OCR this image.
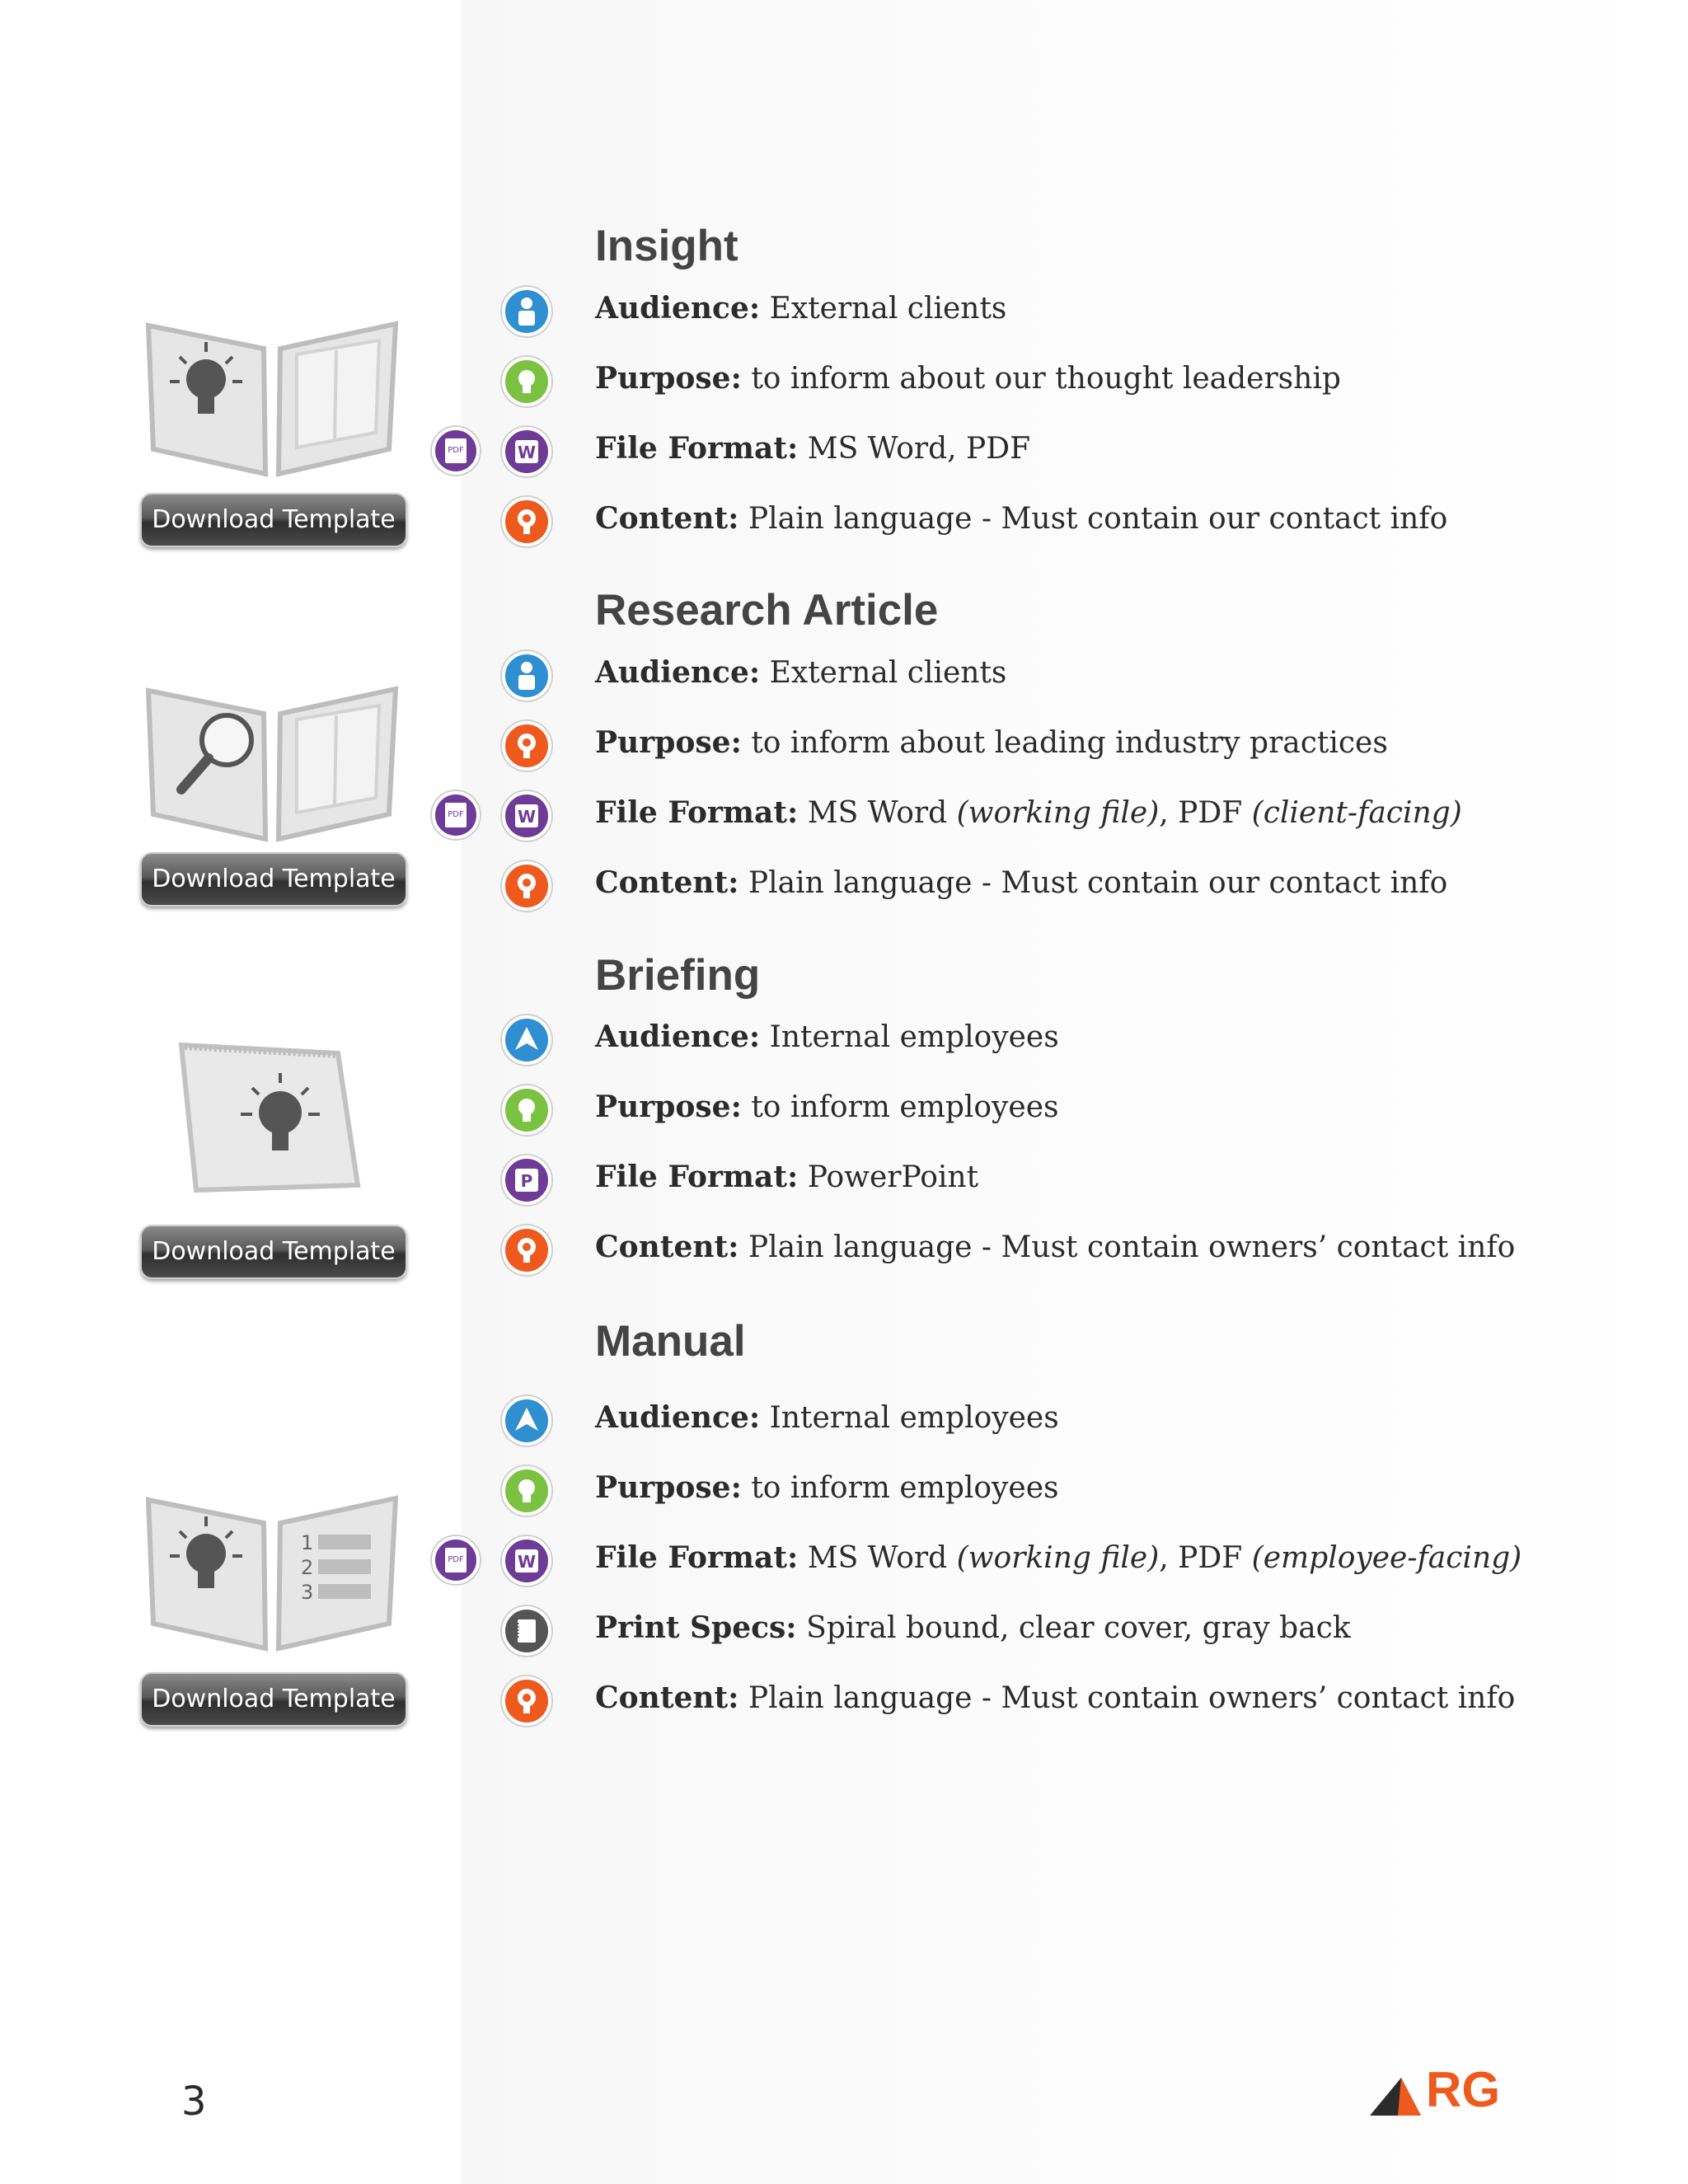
Insight
Download Template
Audience: External clients
Purpose: to inform about our thought leadership
PDF	W File Format: MS Word, PDF
Content: Plain language - Must contain our contact info
Research Article
Download Template
Audience: External clients
Purpose: to inform about leading industry practices
PDF	W File Format: MS Word (working file), PDF (client-facing)
Content: Plain language - Must contain our contact info
Briefing
Download Template
Audience: Internal employees
Purpose: to inform employees
P File Format: PowerPoint
Content: Plain language - Must contain owners’ contact info
Manual
1
2
3
Download Template
Audience: Internal employees
Purpose: to inform employees
PDF	W File Format: MS Word (working file), PDF (employee-facing)
Print Specs: Spiral bound, clear cover, gray back
Content: Plain language - Must contain owners’ contact info
3	RG
